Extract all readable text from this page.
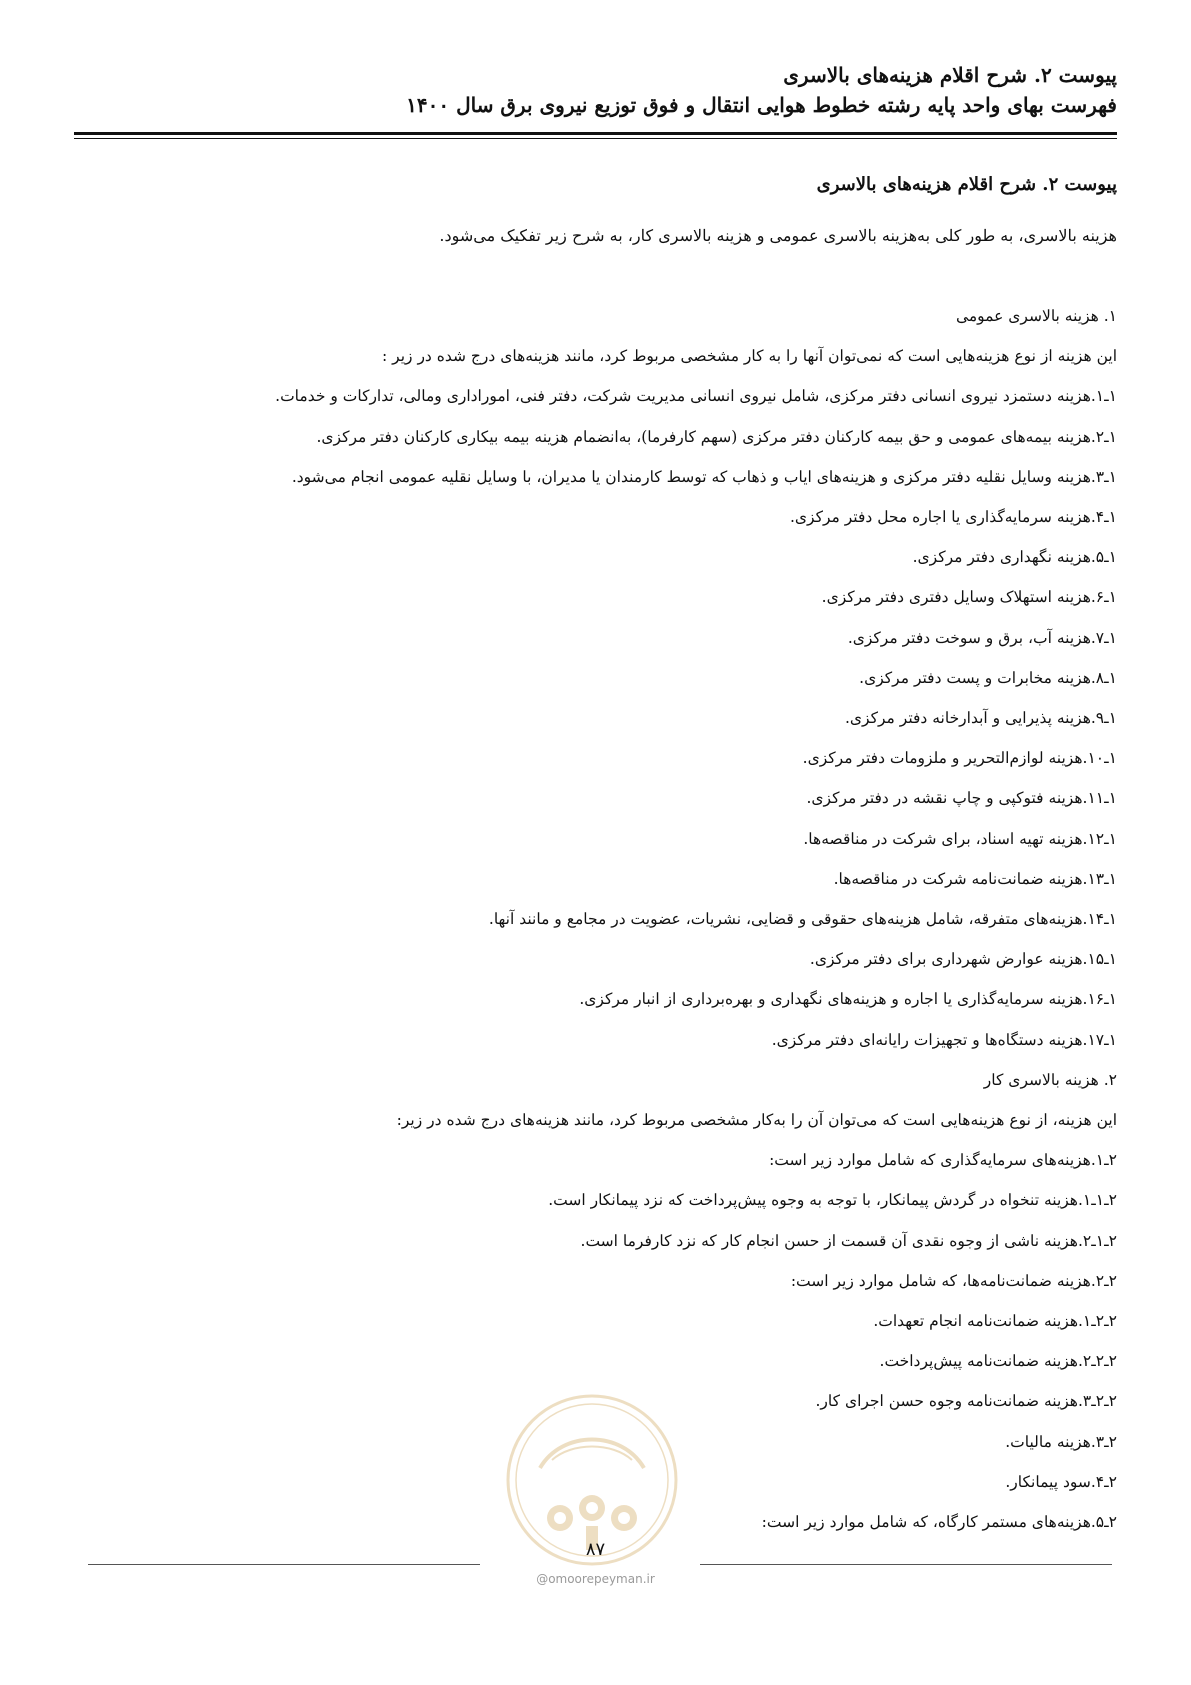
پیوست ۲. شرح اقلام هزینه‌های بالاسری
فهرست بهای واحد پایه رشته خطوط هوایی انتقال و فوق توزیع نیروی برق سال ۱۴۰۰
پیوست ۲. شرح اقلام هزینه‌های بالاسری
هزینه بالاسری، به طور کلی به‌هزینه بالاسری عمومی و هزینه بالاسری کار، به شرح زیر تفکیک می‌شود.
۱. هزینه بالاسری عمومی
این هزینه از نوع هزینه‌هایی است که نمی‌توان آنها را به کار مشخصی مربوط کرد، مانند هزینه‌های درج شده در زیر :
۱ـ۱.هزینه دستمزد نیروی انسانی دفتر مرکزی، شامل نیروی انسانی مدیریت شرکت، دفتر فنی، اموراداری ومالی، تدارکات و خدمات.
۱ـ۲.هزینه بیمه‌های عمومی و حق بیمه کارکنان دفتر مرکزی (سهم کارفرما)، به‌انضمام هزینه بیمه بیکاری کارکنان دفتر مرکزی.
۱ـ۳.هزینه وسایل نقلیه دفتر مرکزی و هزینه‌های ایاب و ذهاب که توسط کارمندان یا مدیران، با وسایل نقلیه عمومی انجام می‌شود.
۱ـ۴.هزینه سرمایه‌گذاری یا اجاره محل دفتر مرکزی.
۱ـ۵.هزینه نگهداری دفتر مرکزی.
۱ـ۶.هزینه استهلاک وسایل دفتری دفتر مرکزی.
۱ـ۷.هزینه آب، برق و سوخت دفتر مرکزی.
۱ـ۸.هزینه مخابرات و پست دفتر مرکزی.
۱ـ۹.هزینه پذیرایی و آبدارخانه دفتر مرکزی.
۱ـ۱۰.هزینه لوازم‌التحریر و ملزومات دفتر مرکزی.
۱ـ۱۱.هزینه فتوکپی و چاپ نقشه در دفتر مرکزی.
۱ـ۱۲.هزینه تهیه اسناد، برای شرکت در مناقصه‌ها.
۱ـ۱۳.هزینه ضمانت‌نامه شرکت در مناقصه‌ها.
۱ـ۱۴.هزینه‌های متفرقه، شامل هزینه‌های حقوقی و قضایی، نشریات، عضویت در مجامع و مانند آنها.
۱ـ۱۵.هزینه عوارض شهرداری برای دفتر مرکزی.
۱ـ۱۶.هزینه سرمایه‌گذاری یا اجاره و هزینه‌های نگهداری و بهره‌برداری از انبار مرکزی.
۱ـ۱۷.هزینه دستگاه‌ها و تجهیزات رایانه‌ای دفتر مرکزی.
۲. هزینه بالاسری کار
این هزینه، از نوع هزینه‌هایی است که می‌توان آن را به‌کار مشخصی مربوط کرد، مانند هزینه‌های درج شده در زیر:
۲ـ۱.هزینه‌های سرمایه‌گذاری که شامل موارد زیر است:
۲ـ۱ـ۱.هزینه تنخواه در گردش پیمانکار، با توجه به وجوه پیش‌پرداخت که نزد پیمانکار است.
۲ـ۱ـ۲.هزینه ناشی از وجوه نقدی آن قسمت از حسن انجام کار که نزد کارفرما است.
۲ـ۲.هزینه ضمانت‌نامه‌ها، که شامل موارد زیر است:
۲ـ۲ـ۱.هزینه ضمانت‌نامه انجام تعهدات.
۲ـ۲ـ۲.هزینه ضمانت‌نامه پیش‌پرداخت.
۲ـ۲ـ۳.هزینه ضمانت‌نامه وجوه حسن اجرای کار.
۲ـ۳.هزینه مالیات.
۲ـ۴.سود پیمانکار.
۲ـ۵.هزینه‌های مستمر کارگاه، که شامل موارد زیر است:
۸۷
@omoorepeyman.ir
